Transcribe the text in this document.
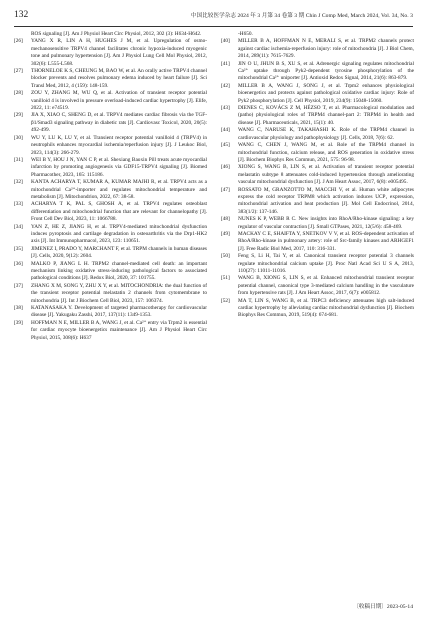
132	中国比较医学杂志 2024 年 3 月第 34 卷第 3 期 Chin J Comp Med, March 2024, Vol. 34, No. 3

ROS signaling [J]. Am J Physiol Heart Circ Physiol, 2012, 302 (3): H634-H642.

[26] YANG X R, LIN A H, HUGHES J M, et al. Upregulation of osmo-mechanosensitive TRPV4 channel facilitates chronic hypoxia-induced myogenic tone and pulmonary hypertension [J]. Am J Physiol Lung Cell Mol Physiol, 2012, 302(6): L555-L568.

[27] THORNELOE K S, CHEUNG M, BAO W, et al. An orally active TRPV4 channel blocker prevents and resolves pulmonary edema induced by heart failure [J]. Sci Transl Med, 2012, 4 (159): 148-159.

[28] ZOU Y, ZHANG M, WU Q, et al. Activation of transient receptor potential vanilloid 4 is involved in pressure overload-induced cardiac hypertrophy [J]. Elife, 2022, 11: e74519.

[29] JIA X, XIAO C, SHENG D, et al. TRPV4 mediates cardiac fibrosis via the TGF-β1/Smad3 signaling pathway in diabetic rats [J]. Cardiovasc Toxicol, 2020, 20(5): 492-499.

[30] WU Y, LU K, LU Y, et al. Transient receptor potential vanilloid 4 (TRPV4) in neutrophils enhances myocardial ischemia/reperfusion injury [J]. J Leukoc Biol, 2023, 114(3): 266-279.

[31] WEI B Y, HOU J N, YAN C P, et al. Shexiang Baoxin Pill treats acute myocardial infarction by promoting angiogenesis via GDF15-TRPV4 signaling [J]. Biomed Pharmacother, 2023, 165: 115186.

[32] KANTA ACHARYA T, KUMAR A, KUMAR MAJHI R, et al. TRPV4 acts as a mitochondrial Ca²⁺-importer and regulates mitochondrial temperature and metabolism [J]. Mitochondrion, 2022, 67: 38-58.

[33] ACHARYA T K, PAL S, GHOSH A, et al. TRPV4 regulates osteoblast differentiation and mitochondrial function that are relevant for channelopathy [J]. Front Cell Dev Biol, 2023, 11: 1066788.

[34] YAN Z, HE Z, JIANG H, et al. TRPV4-mediated mitochondrial dysfunction induces pyroptosis and cartilage degradation in osteoarthritis via the Drp1-HK2 axis [J]. Int Immunopharmacol, 2023, 123: 110651.

[35] JIMENEZ I, PRADO Y, MARCHANT F, et al. TRPM channels in human diseases [J]. Cells, 2020, 9(12): 2604.

[36] MALKO P, JIANG L H. TRPM2 channel-mediated cell death: an important mechanism linking oxidative stress-inducing pathological factors to associated pathological conditions [J]. Redox Biol, 2020, 37: 101755.

[37] ZHANG X M, SONG Y, ZHU X Y, et al. MITOCHONDRIA: the dual function of the transient receptor potential melastatin 2 channels from cytomembrane to mitochondria [J]. Int J Biochem Cell Biol, 2023, 157: 106374.

[38] KATANASAKA Y. Development of targeted pharmacotherapy for cardiovascular disease [J]. Yakugaku Zasshi, 2017, 137(11): 1349-1353.

[39] HOFFMAN N E, MILLER B A, WANG J, et al. Ca²⁺ entry via Trpm2 is essential for cardiac myocyte bioenergetics maintenance [J]. Am J Physiol Heart Circ Physiol, 2015, 308(6): H637

-H650.

[40] MILLER B A, HOFFMAN N E, MERALI S, et al. TRPM2 channels protect against cardiac ischemia-reperfusion injury: role of mitochondria [J]. J Biol Chem, 2014, 289(11): 7615-7629.

[41] JIN O U, JHUN B S, XU S, et al. Adrenergic signaling regulates mitochondrial Ca²⁺ uptake through Pyk2-dependent tyrosine phosphorylation of the mitochondrial Ca²⁺ uniporter [J]. Antioxid Redox Signal, 2014, 21(6): 863-879.

[42] MILLER B A, WANG J, SONG J, et al. Trpm2 enhances physiological bioenergetics and protects against pathological oxidative cardiac injury: Role of Pyk2 phosphorylation [J]. Cell Physiol, 2019, 234(9): 15048-15060.

[43] DIENES C, KOVÁCS Z M, HÉZSO T, et al. Pharmacological modulation and (patho) physiological roles of TRPM4 channel-part 2: TRPM4 in health and disease [J]. Pharmaceuticals, 2021, 15(1): 40.

[44] WANG C, NARUSE K, TAKAHASHI K. Role of the TRPM4 channel in cardiovascular physiology and pathophysiology [J]. Cells, 2018, 7(6): 62.

[45] WANG C, CHEN J, WANG M, et al. Role of the TRPM4 channel in mitochondrial function, calcium release, and ROS generation in oxidative stress [J]. Biochem Biophys Res Commun, 2021, 575: 96-98.

[46] XIONG S, WANG B, LIN S, et al. Activation of transient receptor potential melastatin subtype 8 attenuates cold-induced hypertension through ameliorating vascular mitochondrial dysfunction [J]. J Am Heart Assoc, 2017, 6(8): e005495.

[47] ROSSATO M, GRANZOTTO M, MACCHI V, et al. Human white adipocytes express the cold receptor TRPM8 which activation induces UCP₁ expression, mitochondrial activation and heat production [J]. Mol Cell Endocrinol, 2014, 383(1/2): 137-146.

[48] NUNES K P, WEBB R C. New insights into RhoA/Rho-kinase signaling: a key regulator of vascular contraction [J]. Small GTPases, 2021, 12(5/6): 458-469.

[49] MACKAY C E, SHAIFTA Y, SNETKOV V V, et al. ROS-dependent activation of RhoA/Rho-kinase in pulmonary artery: role of Src-family kinases and ARHGEF1 [J]. Free Radic Biol Med, 2017, 110: 316-331.

[50] Feng S, Li H, Tai Y, et al. Canonical transient receptor potential 3 channels regulate mitochondrial calcium uptake [J]. Proc Natl Acad Sci U S A, 2013, 110(27): 11011-11016.

[51] WANG B, XIONG S, LIN S, et al. Enhanced mitochondrial transient receptor potential channel, canonical type 3-mediated calcium handling in the vasculature from hypertensive rats [J]. J Am Heart Assoc, 2017, 6(7): e005812.

[52] MA T, LIN S, WANG B, et al. TRPC3 deficiency attenuates high salt-induced cardiac hypertrophy by alleviating cardiac mitochondrial dysfunction [J]. Biochem Biophys Res Commun, 2019, 519(4): 674-681.

〔收稿日期〕2023-05-14
